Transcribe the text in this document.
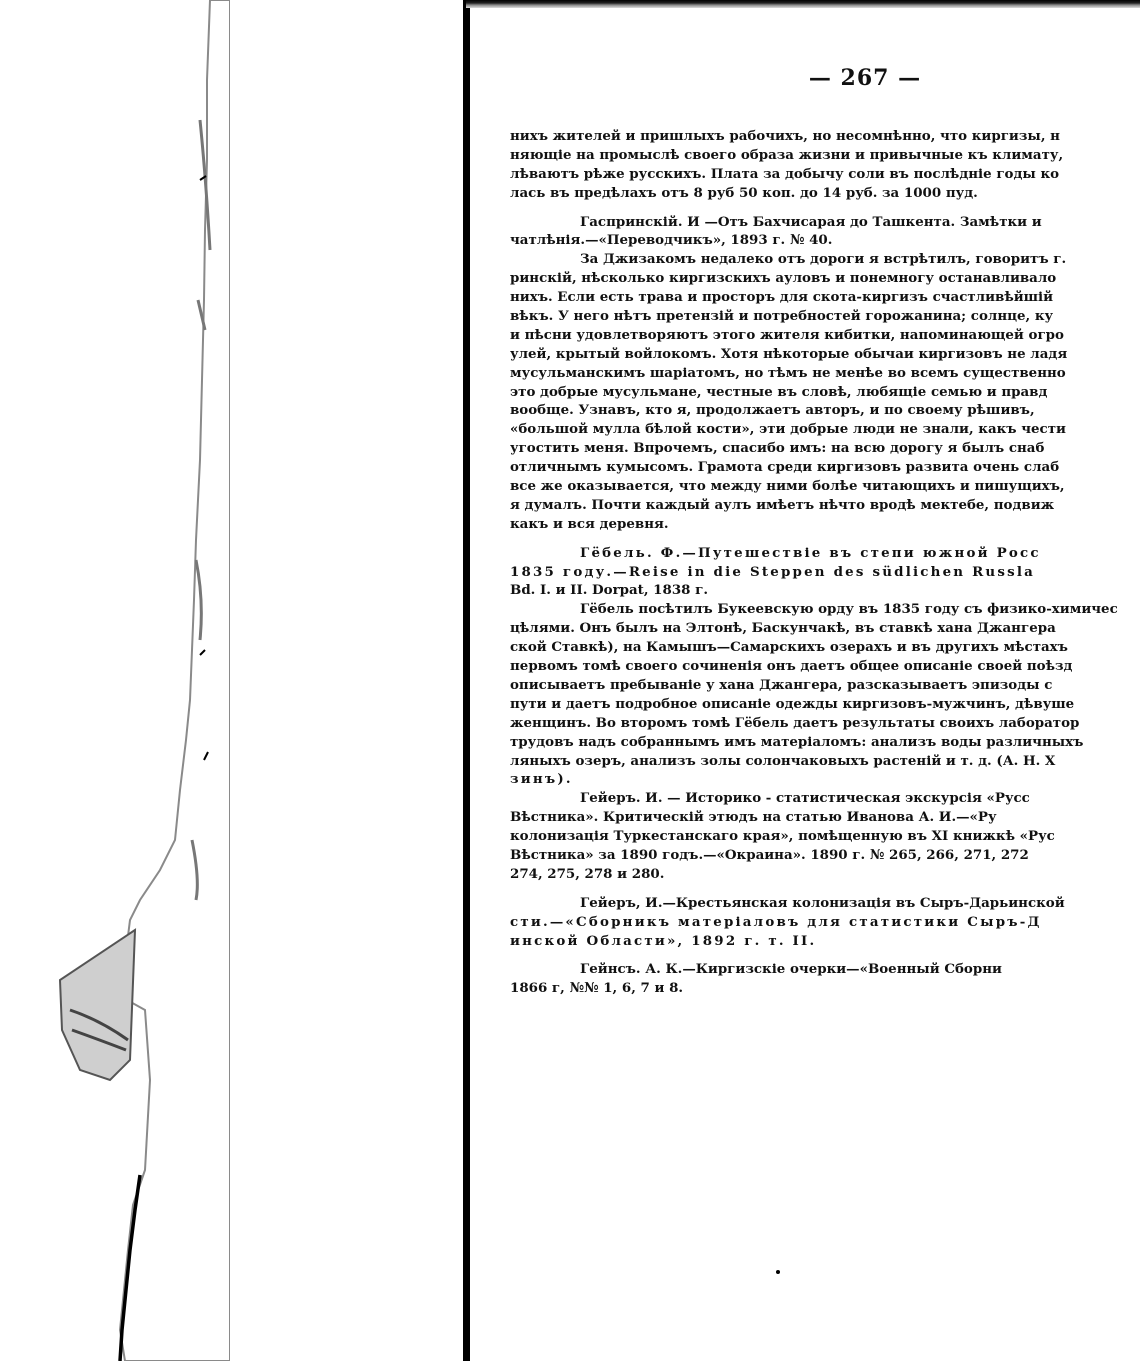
— 267 —
нихъ жителей и пришлыхъ рабочихъ, но несомнѣнно, что киргизы, н
няющіе на промыслѣ своего образа жизни и привычные къ климату,
лѣваютъ рѣже русскихъ. Плата за добычу соли въ послѣдніе годы ко
лась въ предѣлахъ отъ 8 руб 50 коп. до 14 руб. за 1000 пуд.
Гаспринскій. И —Отъ Бахчисарая до Ташкента. Замѣтки и
чатлѣнія.—«Переводчикъ», 1893 г. № 40.
За Джизакомъ недалеко отъ дороги я встрѣтилъ, говоритъ г.
ринскій, нѣсколько киргизскихъ ауловъ и понемногу останавливало
нихъ. Если есть трава и просторъ для скота-киргизъ счастливѣйшій
вѣкъ. У него нѣтъ претензій и потребностей горожанина; солнце, ку
и пѣсни удовлетворяютъ этого жителя кибитки, напоминающей огро
улей, крытый войлокомъ. Хотя нѣкоторые обычаи киргизовъ не ладя
мусульманскимъ шаріатомъ, но тѣмъ не менѣе во всемъ существенно
это добрые мусульмане, честные въ словѣ, любящіе семью и правд
вообще. Узнавъ, кто я, продолжаетъ авторъ, и по своему рѣшивъ,
«большой мулла бѣлой кости», эти добрые люди не знали, какъ чести
угостить меня. Впрочемъ, спасибо имъ: на всю дорогу я былъ снаб
отличнымъ кумысомъ. Грамота среди киргизовъ развита очень слаб
все же оказывается, что между ними болѣе читающихъ и пишущихъ,
я думалъ. Почти каждый аулъ имѣетъ нѣчто вродѣ мектебе, подвиж
какъ и вся деревня.
Гёбель. Ф.—Путешествіе въ степи южной Росс
1835 году.—Reise in die Steppen des südlichen Russla
Bd. I. и II. Dorpat, 1838 г.
Гёбель посѣтилъ Букеевскую орду въ 1835 году съ физико-химичес
цѣлями. Онъ былъ на Элтонѣ, Баскунчакѣ, въ ставкѣ хана Джангера
ской Ставкѣ), на Камышъ—Самарскихъ озерахъ и въ другихъ мѣстахъ
первомъ томѣ своего сочиненія онъ даетъ общее описаніе своей поѣзд
описываетъ пребываніе у хана Джангера, разсказываетъ эпизоды с
пути и даетъ подробное описаніе одежды киргизовъ-мужчинъ, дѣвуше
женщинъ. Во второмъ томѣ Гёбель даетъ результаты своихъ лаборатор
трудовъ надъ собраннымъ имъ матеріаломъ: анализъ воды различныхъ
ляныхъ озеръ, анализъ золы солончаковыхъ растеній и т. д. (А. Н. Х
зинъ).
Гейеръ. И. — Историко - статистическая экскурсія «Русс
Вѣстника». Критическій этюдъ на статью Иванова А. И.—«Ру
колонизація Туркестанскаго края», помѣщенную въ XI книжкѣ «Рус
Вѣстника» за 1890 годъ.—«Окраина». 1890 г. № 265, 266, 271, 272
274, 275, 278 и 280.
Гейеръ, И.—Крестьянская колонизація въ Сыръ-Дарьинской
сти.—«Сборникъ матеріаловъ для статистики Сыръ-Д
инской Области», 1892 г. т. II.
Гейнсъ. А. К.—Киргизскіе очерки—«Военный Сборни
1866 г, №№ 1, 6, 7 и 8.
